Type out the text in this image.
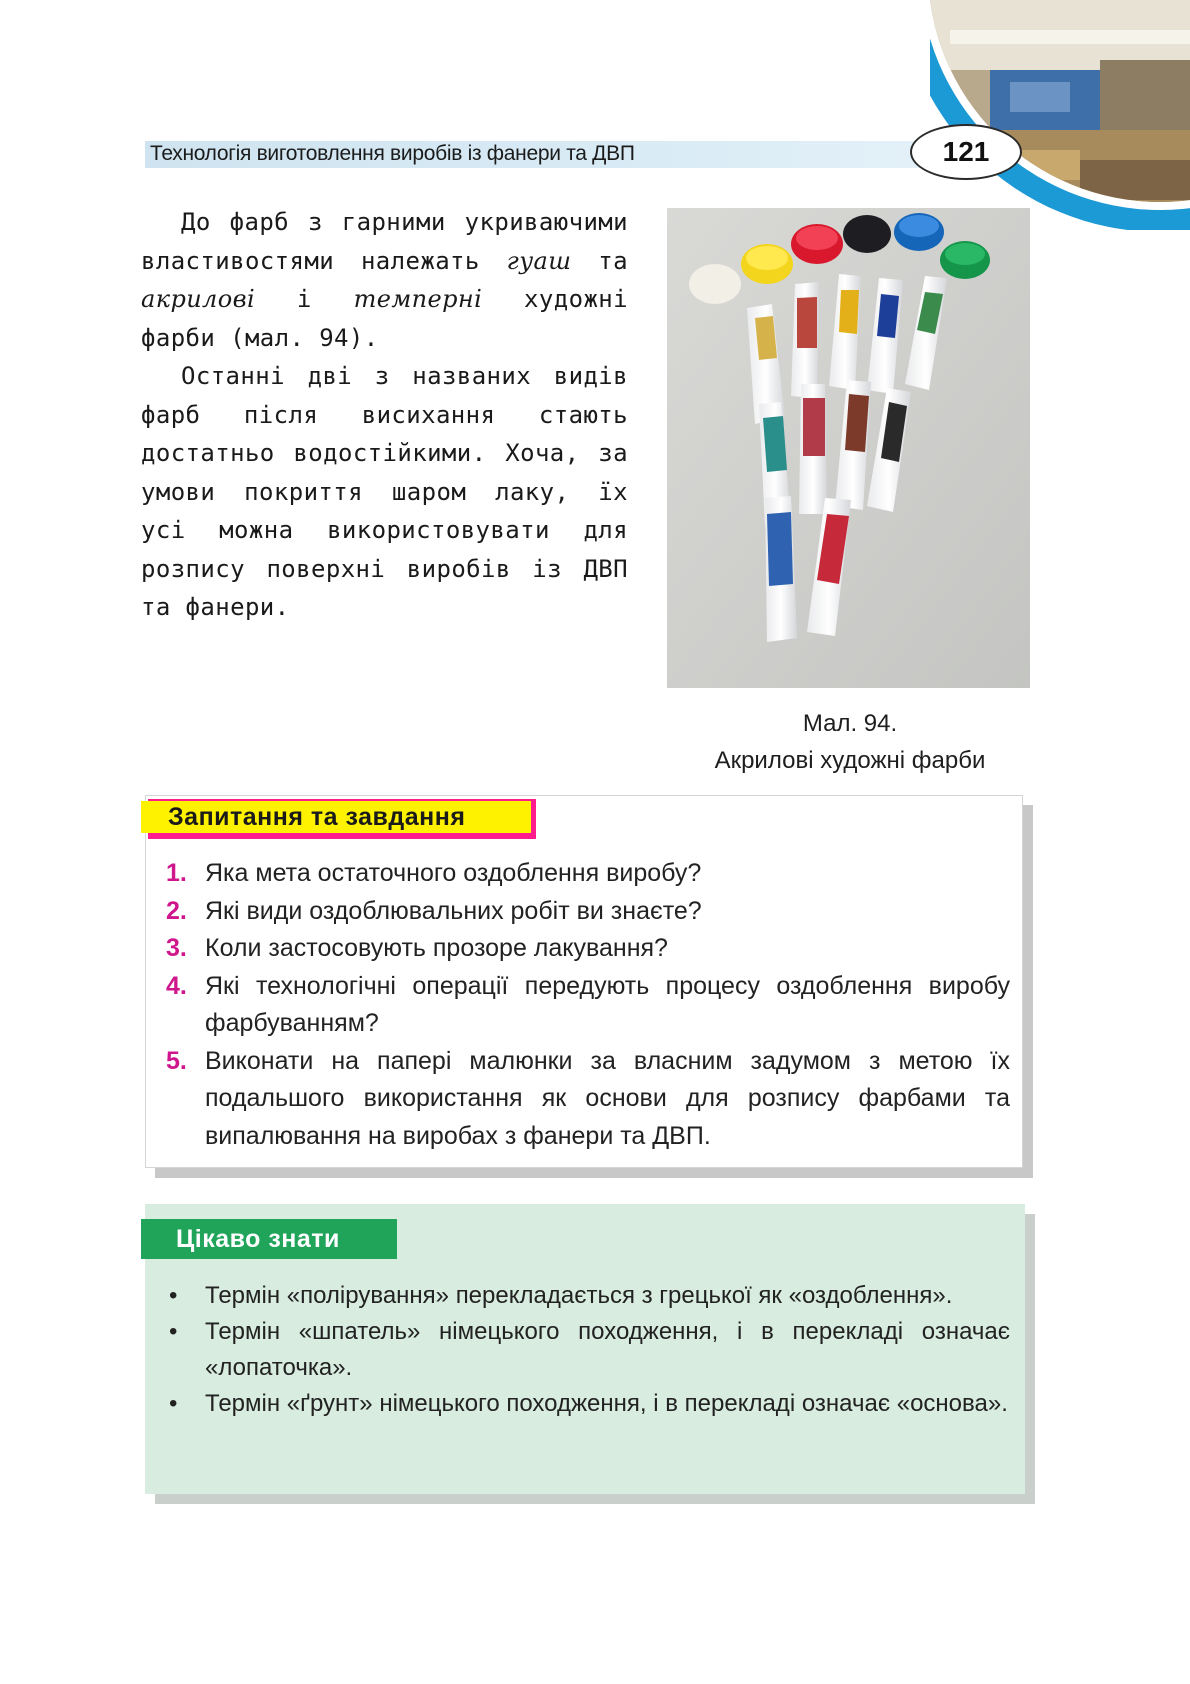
Технологія виготовлення виробів із фанери та ДВП	121

До фарб з гарними укриваючими властивостями належать гуаш та акрилові і темперні художні фарби (мал. 94).

Останні дві з названих видів фарб після висихання стають достатньо водостійкими. Хоча, за умови покриття шаром лаку, їх усі можна використовувати для розпису поверхні виробів із ДВП та фанери.

Мал. 94.
Акрилові художні фарби
Запитання та завдання
1. Яка мета остаточного оздоблення виробу?
2. Які види оздоблювальних робіт ви знаєте?
3. Коли застосовують прозоре лакування?
4. Які технологічні операції передують процесу оздоблення виробу фарбуванням?
5. Виконати на папері малюнки за власним задумом з метою їх подальшого використання як основи для розпису фарбами та випалювання на виробах з фанери та ДВП.
Цікаво знати
• Термін «полірування» перекладається з грецької як «оздоблення».
• Термін «шпатель» німецького походження, і в перекладі означає «лопаточка».
• Термін «ґрунт» німецького походження, і в перекладі означає «основа».
